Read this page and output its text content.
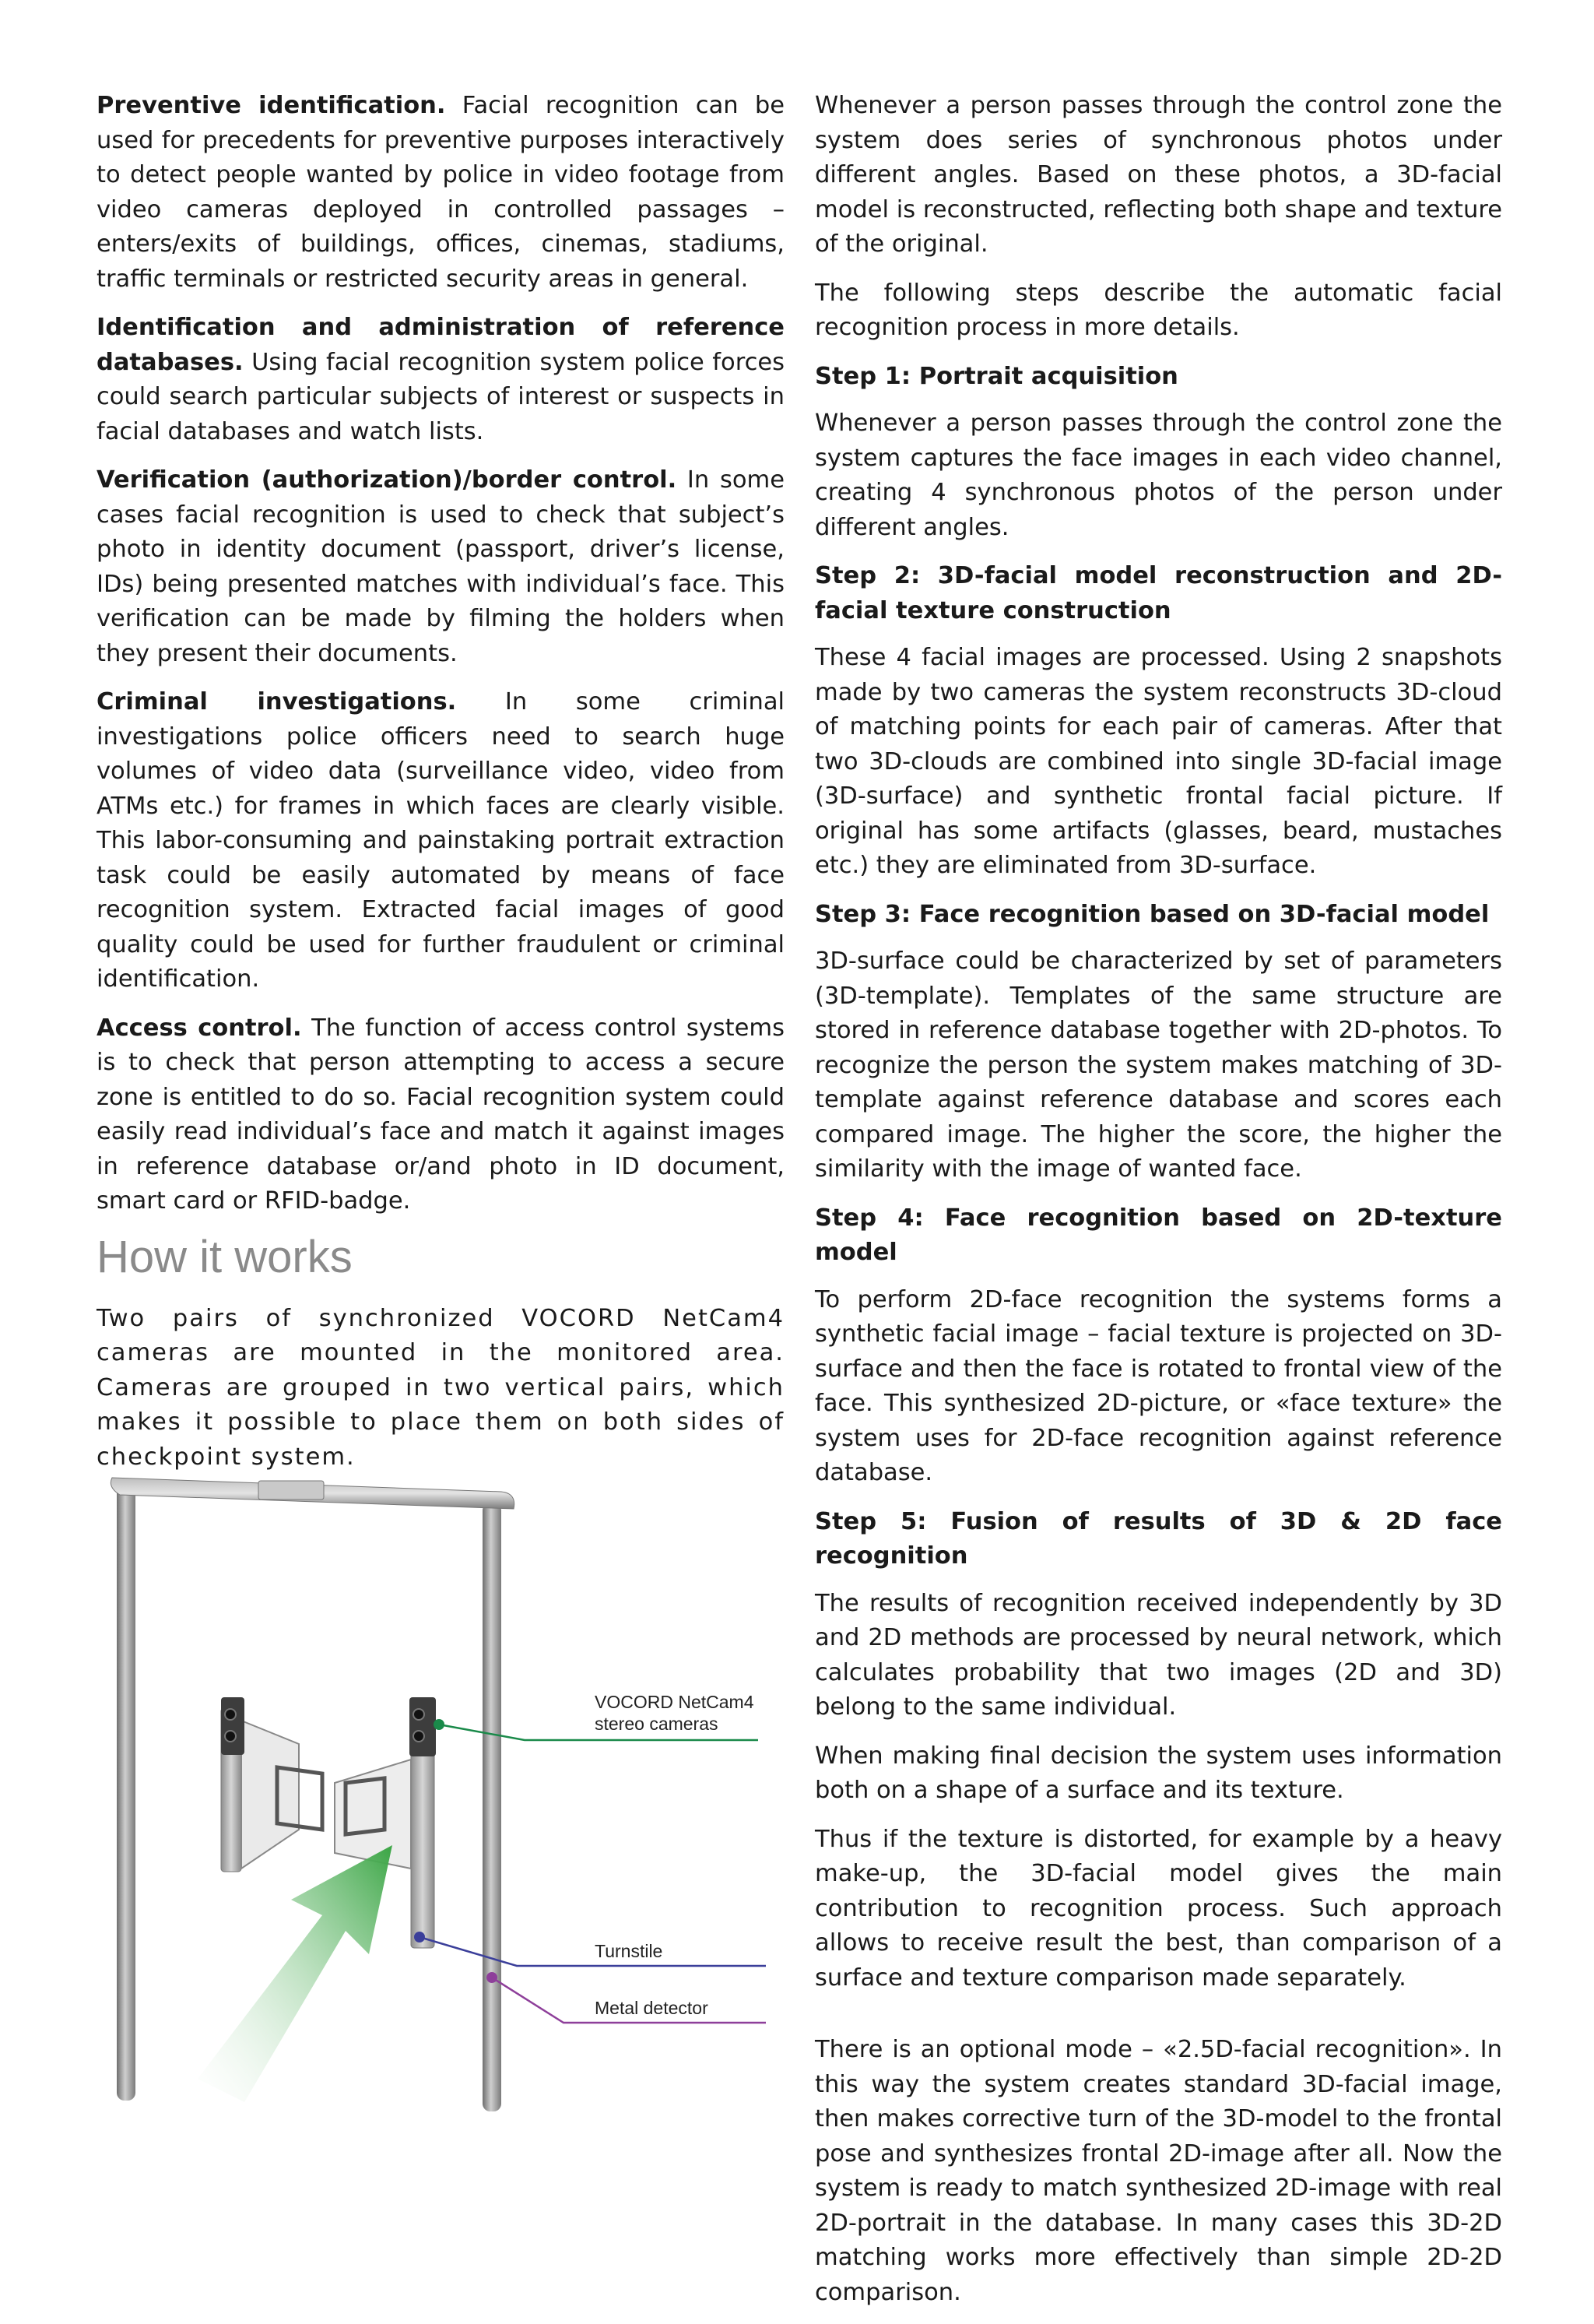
Preventive identification. Facial recognition can be used for precedents for preventive purposes interactively to detect people wanted by police in video footage from video cameras deployed in controlled passages – enters/exits of buildings, offices, cinemas, stadiums, traffic terminals or restricted security areas in general.

Identification and administration of reference databases. Using facial recognition system police forces could search particular subjects of interest or suspects in facial databases and watch lists.

Verification (authorization)/border control. In some cases facial recognition is used to check that subject’s photo in identity document (passport, driver’s license, IDs) being presented matches with individual’s face. This verification can be made by filming the holders when they present their documents.

Criminal investigations. In some criminal investigations police officers need to search huge volumes of video data (surveillance video, video from ATMs etc.) for frames in which faces are clearly visible. This labor-consuming and painstaking portrait extraction task could be easily automated by means of face recognition system. Extracted facial images of good quality could be used for further fraudulent or criminal identification.

Access control. The function of access control systems is to check that person attempting to access a secure zone is entitled to do so. Facial recognition system could easily read individual’s face and match it against images in reference database or/and photo in ID document, smart card or RFID-badge.

How it works

Two pairs of synchronized VOCORD NetCam4 cameras are mounted in the monitored area. Cameras are grouped in two vertical pairs, which makes it possible to place them on both sides of checkpoint system.

VOCORD NetCam4
stereo cameras
Turnstile
Metal detector

Whenever a person passes through the control zone the system does series of synchronous photos under different angles. Based on these photos, a 3D-facial model is reconstructed, reflecting both shape and texture of the original.

The following steps describe the automatic facial recognition process in more details.

Step 1: Portrait acquisition

Whenever a person passes through the control zone the system captures the face images in each video channel, creating 4 synchronous photos of the person under different angles.

Step 2: 3D-facial model reconstruction and 2D-facial texture construction

These 4 facial images are processed. Using 2 snapshots made by two cameras the system reconstructs 3D-cloud of matching points for each pair of cameras. After that two 3D-clouds are combined into single 3D-facial image (3D-surface) and synthetic frontal facial picture. If original has some artifacts (glasses, beard, mustaches etc.) they are eliminated from 3D-surface.

Step 3: Face recognition based on 3D-facial model

3D-surface could be characterized by set of parameters (3D-template). Templates of the same structure are stored in reference database together with 2D-photos. To recognize the person the system makes matching of 3D-template against reference database and scores each compared image. The higher the score, the higher the similarity with the image of wanted face.

Step 4: Face recognition based on 2D-texture model

To perform 2D-face recognition the systems forms a synthetic facial image – facial texture is projected on 3D-surface and then the face is rotated to frontal view of the face. This synthesized 2D-picture, or «face texture» the system uses for 2D-face recognition against reference database.

Step 5: Fusion of results of 3D & 2D face recognition

The results of recognition received independently by 3D and 2D methods are processed by neural network, which calculates probability that two images (2D and 3D) belong to the same individual.

When making final decision the system uses information both on a shape of a surface and its texture.

Thus if the texture is distorted, for example by a heavy make-up, the 3D-facial model gives the main contribution to recognition process. Such approach allows to receive result the best, than comparison of a surface and texture comparison made separately.

There is an optional mode – «2.5D-facial recognition». In this way the system creates standard 3D-facial image, then makes corrective turn of the 3D-model to the frontal pose and synthesizes frontal 2D-image after all. Now the system is ready to match synthesized 2D-image with real 2D-portrait in the database. In many cases this 3D-2D matching works more effectively than simple 2D-2D comparison.
